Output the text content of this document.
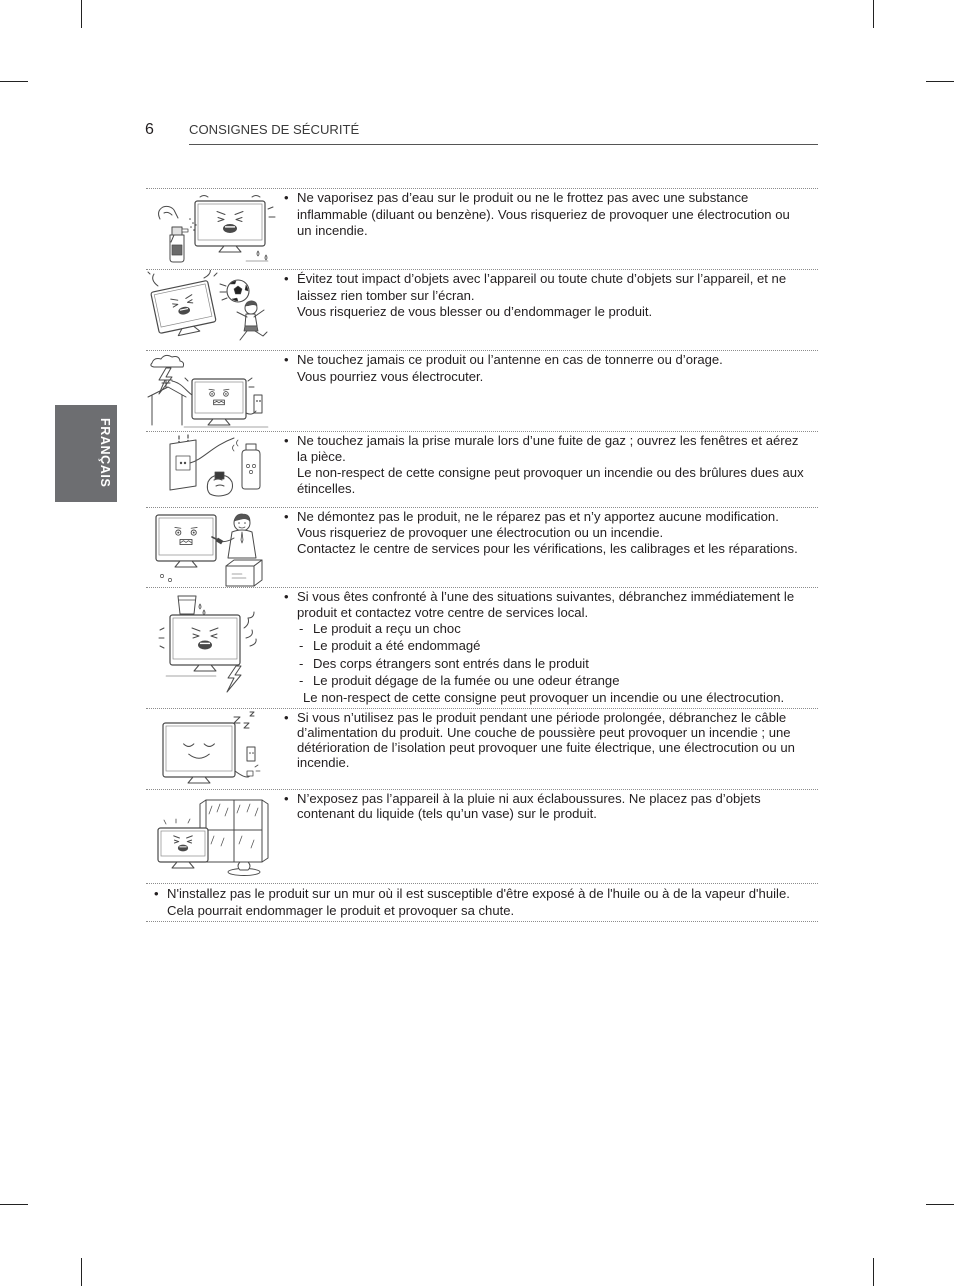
6	CONSIGNES DE SÉCURITÉ
FRANÇAIS
• Ne vaporisez pas d’eau sur le produit ou ne le frottez pas avec une substance
inflammable (diluant ou benzène). Vous risqueriez de provoquer une électrocution ou
un incendie.
• Évitez tout impact d’objets avec l’appareil ou toute chute d’objets sur l’appareil, et ne
laissez rien tomber sur l’écran.
Vous risqueriez de vous blesser ou d’endommager le produit.
• Ne touchez jamais ce produit ou l’antenne en cas de tonnerre ou d’orage.
Vous pourriez vous électrocuter.
• Ne touchez jamais la prise murale lors d’une fuite de gaz ; ouvrez les fenêtres et aérez
la pièce.
Le non-respect de cette consigne peut provoquer un incendie ou des brûlures dues aux
étincelles.
• Ne démontez pas le produit, ne le réparez pas et n’y apportez aucune modification.
Vous risqueriez de provoquer une électrocution ou un incendie.
Contactez le centre de services pour les vérifications, les calibrages et les réparations.
• Si vous êtes confronté à l’une des situations suivantes, débranchez immédiatement le
produit et contactez votre centre de services local.
- Le produit a reçu un choc
- Le produit a été endommagé
- Des corps étrangers sont entrés dans le produit
- Le produit dégage de la fumée ou une odeur étrange
Le non-respect de cette consigne peut provoquer un incendie ou une électrocution.
• Si vous n’utilisez pas le produit pendant une période prolongée, débranchez le câble
d’alimentation du produit. Une couche de poussière peut provoquer un incendie ; une
détérioration de l’isolation peut provoquer une fuite électrique, une électrocution ou un
incendie.
• N’exposez pas l’appareil à la pluie ni aux éclaboussures. Ne placez pas d’objets
contenant du liquide (tels qu’un vase) sur le produit.
• N'installez pas le produit sur un mur où il est susceptible d'être exposé à de l'huile ou à de la vapeur d'huile.
Cela pourrait endommager le produit et provoquer sa chute.
